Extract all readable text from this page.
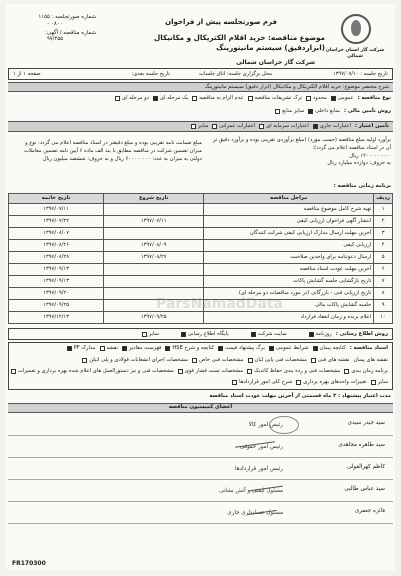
شرکت گاز استان خراسان شمالی
فرم صورتجلسه پیش از فراخوان
شماره صورتجلسه : ۱۱۵۵
۰۸۰۰ -
شماره مناقصه / آگهی:
۹۷/۲۵۵	موضوع مناقصه: خرید اقلام الکتریکال و مکانیکال (ابزاردقیق) سیستم مانیتورینگ
شرکت گاز خراسان شمالی
تاریخ جلسه : ۱۳۹۷/۰۷/۱۰
محل برگزاری جلسه: اتاق جلسات
تاریخ جلسه بعدی:
صفحه ۱ از ۱
شرح مختصر موضوع: خرید اقلام الکتریکال و مکانیکال (ابزار دقیق) سیستم مانیتورینگ
نوع مناقصه :
عمومی
محدود
ترک تشریفات مناقصه
عدم الزام به مناقصه
یک مرحله ای
دو مرحله ای
روش تأمین مالی :
منابع داخلی
سایر منابع
تأمین اعتبار :
اعتبارات جاری
اعتبارات سرمایه ای
اعتبارات عمرانی
سایر
برآورد اولیه مبلغ مناقصه (حسب مورد) (مبلغ برآوردی تقریبی بوده و برآورد دقیق تر آن در اسناد مناقصه اعلام می گردد):
۱۲۰۰۰۰۰۰۰۰۰ ریال
به حروف: دوازده میلیارد ریال
مبلغ ضمانت نامه تقریبی بوده و مبلغ دقیقتر در اسناد مناقصه اعلام می گردد: نوع و میزان تضمین شرکت در مناقصه مطابق با بند الف ماده ۶ آیین نامه تضمین معاملات دولتی به میزان به عدد: ۶۰۰۰۰۰۰۰۰ ریال و به حروف: ششصد میلیون ریال
برنامه زمانی مناقصه :
ردیف	مراحل مناقصه	تاریخ شروع	تاریخ خاتمه
۱	تهیه شرح کامل موضوع مناقصه		۱۳۹۷/۰۷/۱۱
۲	انتشار آگهی فراخوان ارزیابی کیفی	۱۳۹۷/۰۷/۱۱	۱۳۹۷/۰۷/۲۲
۳	آخرین مهلت ارسال مدارک ارزیابی کیفی شرکت کنندگان		۱۳۹۷/۰۸/۰۷
۴	ارزیابی کیفی	۱۳۹۷/۰۸/۰۹	۱۳۹۷/۰۸/۲۶
۵	ارسال دعوتنامه برای واجدین صلاحیت	۱۳۹۷/۰۸/۲۷	۱۳۹۷/۰۸/۲۸
۶	آخرین مهلت عودت اسناد مناقصه		۱۳۹۷/۰۹/۱۳
۷	تاریخ بازگشایی جلسه گشایش پاکات		۱۳۹۷/۰۹/۱۳
۸	تاریخ ارزیابی فنی - بازرگانی (در مورد مناقصات دو مرحله ای)		۱۳۹۷/۰۹/۲۰
۹	جلسه گشایش پاکات مالی		۱۳۹۷/۰۹/۲۵
۱۰	اعلام برنده و زمان انعقاد قرارداد	۱۳۹۷/۰۹/۲۵	۱۳۹۷/۱۲/۱۳
روش اطلاع رسانی :
روزنامه
سایت شرکت
پایگاه اطلاع رسانی
سایر
اسناد مناقصه :
کتابچه پیمان
شرایط عمومی
برگ پیشنهاد قیمت
کتابچه و شرح HSE
فهرست مقادیر
نقشه
مدارک PF
نقشه های پیمان
نقشه های فنی
مشخصات فنی پایی لیان
مشخصات فنی خاص
مشخصات اجرای انشعابات فولادی و پلی اتیلن
برنامه زمان بندی
مشخصات فنی و رده بندی حفاظ کاتدیک
مشخصات تست فشار قوی
مشخصات فنی و نیز دستورالعمل های اعلام شده بهره برداری و تعمیرات
سایر
تغییرات واحدهای بهره برداری
شرح کلی امور قراردادها
مدت اعتبار پیشنهاد : ۳ ماه قسمتی از آخرین مهلت عودت اسناد مناقصه
اعضای کمیسیون مناقصه
سید حیدر سیدی
رئیس امور کالا
سید طاهره مجاهدی
رئیس امور حقوقی
کاظم کهرالقولی
رئیس امور قراردادها
سید عباس طالبی
مسئول ایمنی و آتش نشانی
فائزه جعفری
مسئول حسابداری جاری
ParsNamadData
FR170300
